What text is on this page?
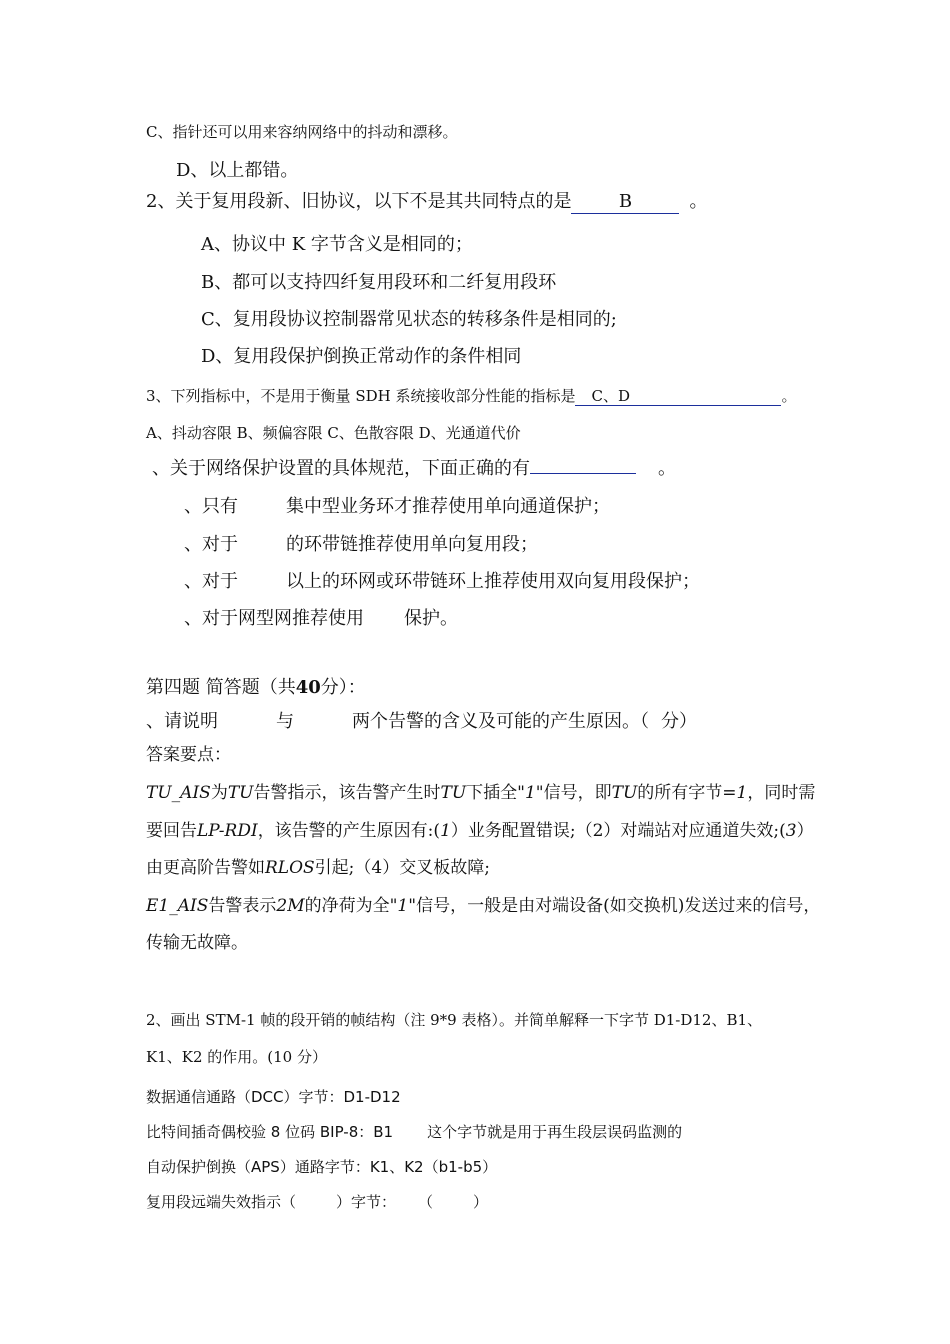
C、指针还可以用来容纳网络中的抖动和漂移。
D、以上都错。
2、关于复用段新、旧协议，以下不是其共同特点的是	B	。
A、协议中 K 字节含义是相同的；
B、都可以支持四纤复用段环和二纤复用段环
C、复用段协议控制器常见状态的转移条件是相同的;
D、复用段保护倒换正常动作的条件相同
3、下列指标中，不是用于衡量 SDH 系统接收部分性能的指标是 C、D	。
A、抖动容限 B、频偏容限 C、色散容限 D、光通道代价
、关于网络保护设置的具体规范，下面正确的有	。
、只有	集中型业务环才推荐使用单向通道保护；
、对于	的环带链推荐使用单向复用段；
、对于	以上的环网或环带链环上推荐使用双向复用段保护；
、对于网型网推荐使用 保护。
第四题 简答题（共40分）：
、请说明	与	两个告警的含义及可能的产生原因。（ 分）
答案要点：
TU_AIS为TU告警指示，该告警产生时TU下插全"1"信号，即TU的所有字节=1，同时需
要回告LP-RDI，该告警的产生原因有:(1）业务配置错误;（2）对端站对应通道失效;(3）
由更高阶告警如RLOS引起;（4）交叉板故障;
E1_AIS告警表示2M的净荷为全"1"信号，一般是由对端设备(如交换机)发送过来的信号，
传输无故障。
2、画出 STM-1 帧的段开销的帧结构（注 9*9 表格）。并简单解释一下字节 D1-D12、B1、
K1、K2 的作用。(10 分）
数据通信通路（DCC）字节：D1-D12
比特间插奇偶校验 8 位码 BIP-8：B1 这个字节就是用于再生段层误码监测的
自动保护倒换（APS）通路字节：K1、K2（b1-b5）
复用段远端失效指示（	）字节： （	）
